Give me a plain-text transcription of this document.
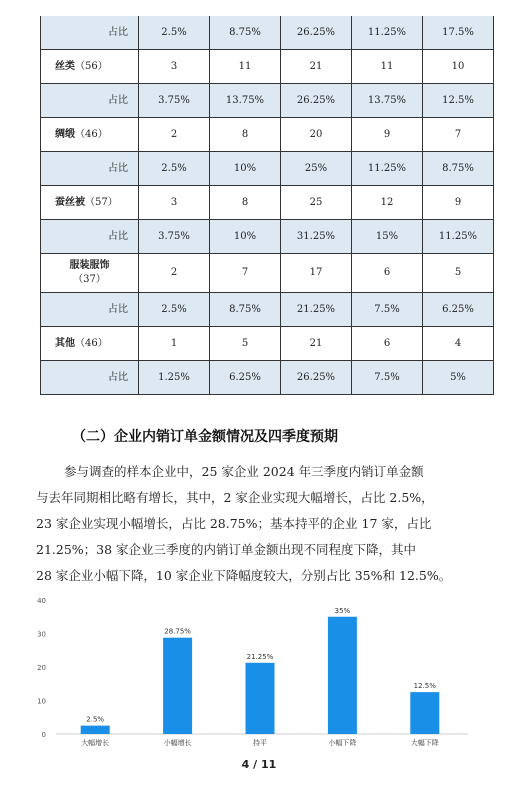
占比	2.5%	8.75%	26.25%	11.25%	17.5%
丝类（56）	3	11	21	11	10
占比	3.75%	13.75%	26.25%	13.75%	12.5%
绸缎（46）	2	8	20	9	7
占比	2.5%	10%	25%	11.25%	8.75%
蚕丝被（57）	3	8	25	12	9
占比	3.75%	10%	31.25%	15%	11.25%
服装服饰
（37）	2	7	17	6	5
占比	2.5%	8.75%	21.25%	7.5%	6.25%
其他（46）	1	5	21	6	4
占比	1.25%	6.25%	26.25%	7.5%	5%
（二）企业内销订单金额情况及四季度预期
参与调查的样本企业中，25 家企业 2024 年三季度内销订单金额
与去年同期相比略有增长，其中，2 家企业实现大幅增长，占比 2.5%，
23 家企业实现小幅增长，占比 28.75%；基本持平的企业 17 家，占比
21.25%；38 家企业三季度的内销订单金额出现不同程度下降，其中
28 家企业小幅下降，10 家企业下降幅度较大，分别占比 35%和 12.5%。
0
10
20
30
40
2.5%
大幅增长
28.75%
小幅增长
21.25%
持平
35%
小幅下降
12.5%
大幅下降
4 / 11
